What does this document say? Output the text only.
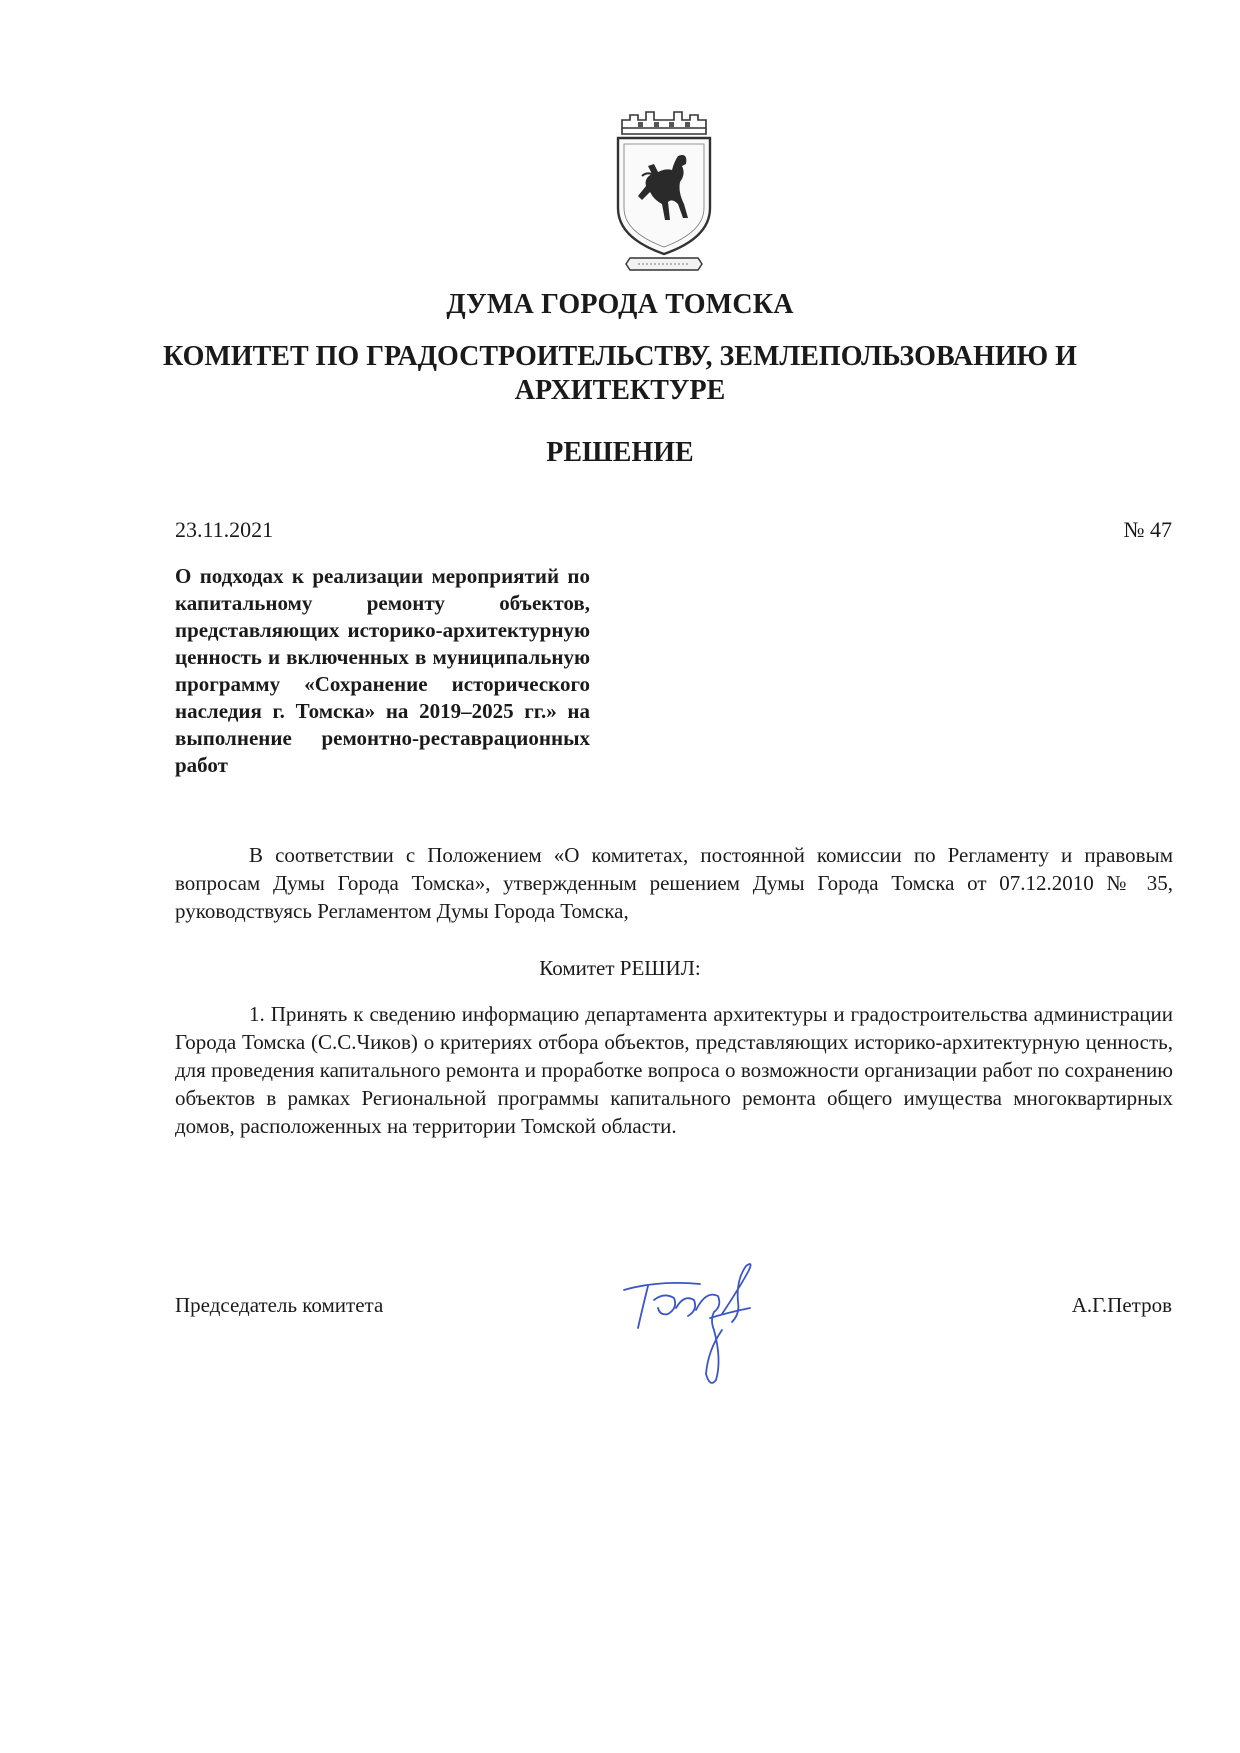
ДУМА ГОРОДА ТОМСКА
КОМИТЕТ ПО ГРАДОСТРОИТЕЛЬСТВУ, ЗЕМЛЕПОЛЬЗОВАНИЮ И АРХИТЕКТУРЕ
РЕШЕНИЕ
23.11.2021	№ 47
О подходах к реализации мероприятий по капитальному ремонту объектов, представляющих историко-архитектурную ценность и включенных в муниципальную программу «Сохранение исторического наследия г. Томска» на 2019–2025 гг.» на выполнение ремонтно-реставрационных работ

В соответствии с Положением «О комитетах, постоянной комиссии по Регламенту и правовым вопросам Думы Города Томска», утвержденным решением Думы Города Томска от 07.12.2010 № 35, руководствуясь Регламентом Думы Города Томска,

Комитет РЕШИЛ:

1. Принять к сведению информацию департамента архитектуры и градостроительства администрации Города Томска (С.С.Чиков) о критериях отбора объектов, представляющих историко-архитектурную ценность, для проведения капитального ремонта и проработке вопроса о возможности организации работ по сохранению объектов в рамках Региональной программы капитального ремонта общего имущества многоквартирных домов, расположенных на территории Томской области.

Председатель комитета	А.Г.Петров
